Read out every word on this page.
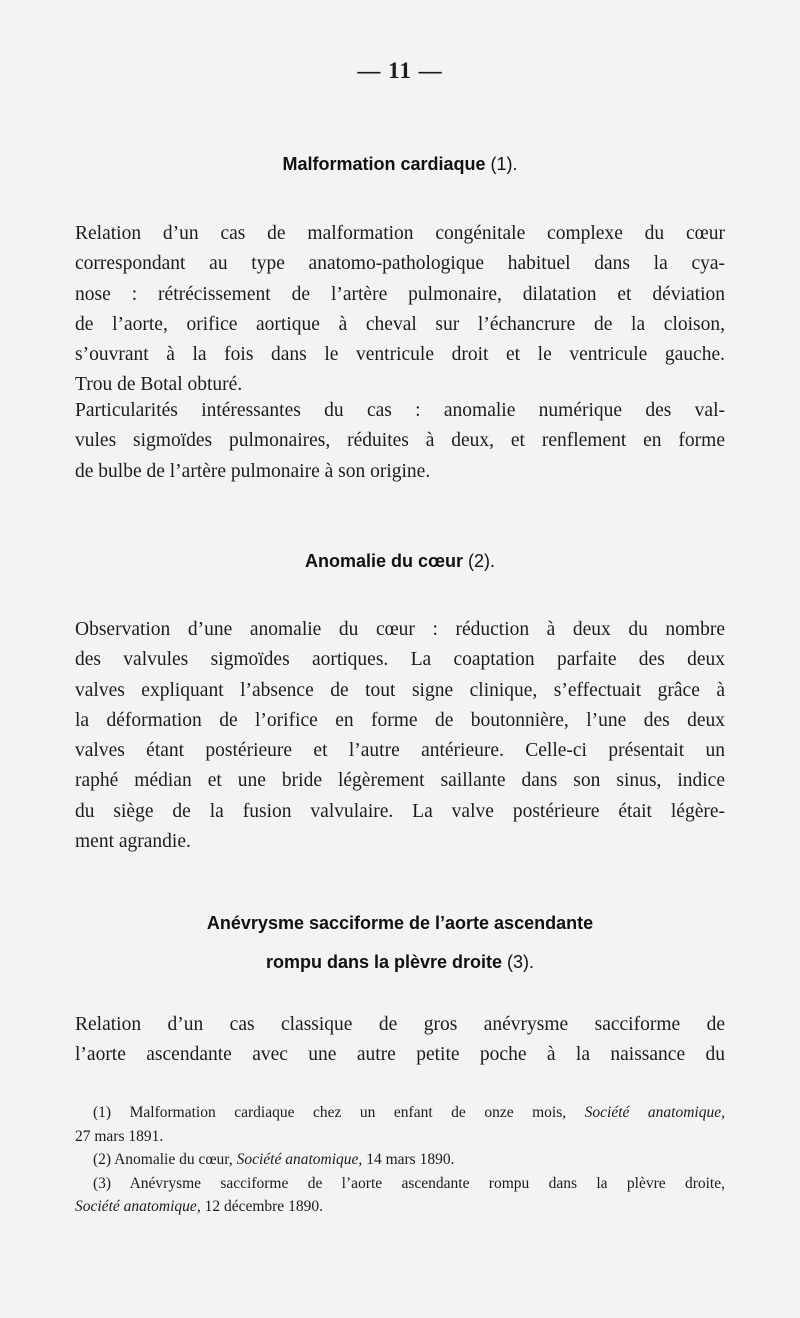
— 11 —
Malformation cardiaque (1).
Relation d’un cas de malformation congénitale complexe du cœur
correspondant au type anatomo-pathologique habituel dans la cya-
nose : rétrécissement de l’artère pulmonaire, dilatation et déviation
de l’aorte, orifice aortique à cheval sur l’échancrure de la cloison,
s’ouvrant à la fois dans le ventricule droit et le ventricule gauche.
Trou de Botal obturé.
Particularités intéressantes du cas : anomalie numérique des val-
vules sigmoïdes pulmonaires, réduites à deux, et renflement en forme
de bulbe de l’artère pulmonaire à son origine.
Anomalie du cœur (2).
Observation d’une anomalie du cœur : réduction à deux du nombre
des valvules sigmoïdes aortiques. La coaptation parfaite des deux
valves expliquant l’absence de tout signe clinique, s’effectuait grâce à
la déformation de l’orifice en forme de boutonnière, l’une des deux
valves étant postérieure et l’autre antérieure. Celle-ci présentait un
raphé médian et une bride légèrement saillante dans son sinus, indice
du siège de la fusion valvulaire. La valve postérieure était légère-
ment agrandie.
Anévrysme sacciforme de l’aorte ascendante
rompu dans la plèvre droite (3).
Relation d’un cas classique de gros anévrysme sacciforme de
l’aorte ascendante avec une autre petite poche à la naissance du
(1) Malformation cardiaque chez un enfant de onze mois, Société anatomique,
27 mars 1891.
(2) Anomalie du cœur, Société anatomique, 14 mars 1890.
(3) Anévrysme sacciforme de l’aorte ascendante rompu dans la plèvre droite,
Société anatomique, 12 décembre 1890.
